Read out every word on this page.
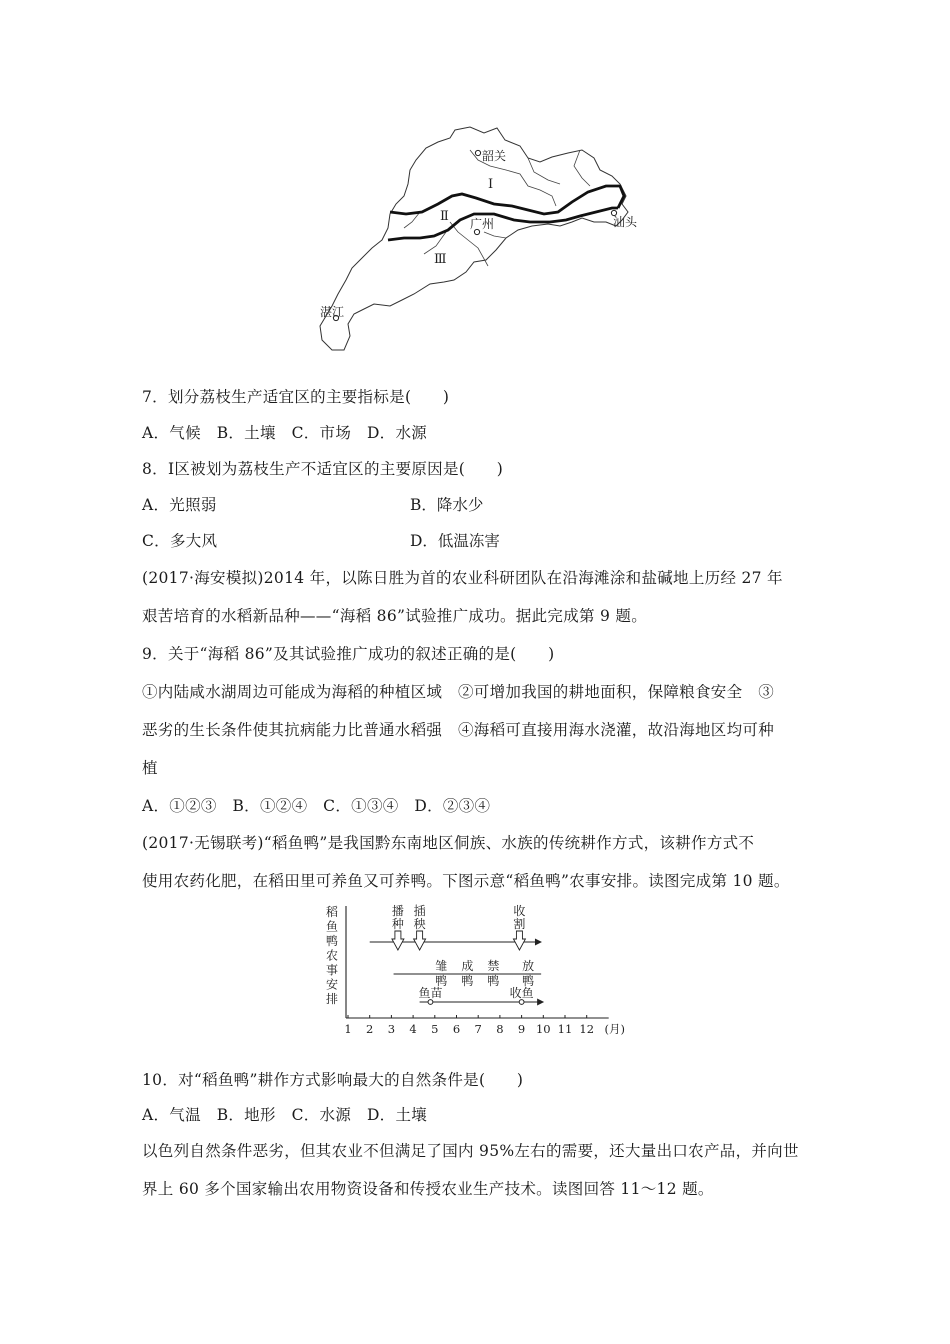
韶关
广州	汕头
湛江
Ⅰ
Ⅱ
Ⅲ
7．划分荔枝生产适宜区的主要指标是(　　)
A．气候　B．土壤　C．市场　D．水源
8．Ⅰ区被划为荔枝生产不适宜区的主要原因是(　　)
A．光照弱	B．降水少
C．多大风	D．低温冻害
(2017·海安模拟)2014 年，以陈日胜为首的农业科研团队在沿海滩涂和盐碱地上历经 27 年
艰苦培育的水稻新品种——“海稻 86”试验推广成功。据此完成第 9 题。
9．关于“海稻 86”及其试验推广成功的叙述正确的是(　　)
①内陆咸水湖周边可能成为海稻的种植区域　②可增加我国的耕地面积，保障粮食安全　③
恶劣的生长条件使其抗病能力比普通水稻强　④海稻可直接用海水浇灌，故沿海地区均可种
植
A．①②③　B．①②④　C．①③④　D．②③④
(2017·无锡联考)“稻鱼鸭”是我国黔东南地区侗族、水族的传统耕作方式，该耕作方式不
使用农药化肥，在稻田里可养鱼又可养鸭。下图示意“稻鱼鸭”农事安排。读图完成第 10 题。
稻
鱼
鸭
农
事
安
排
1 2 3 4 5 6 7 8 9 10 11 12 (月)
播
种
插
秧
收
割
雏
鸭
成
鸭
禁
鸭
放
鸭
鱼苗	收鱼
10．对“稻鱼鸭”耕作方式影响最大的自然条件是(　　)
A．气温　B．地形　C．水源　D．土壤
以色列自然条件恶劣，但其农业不但满足了国内 95%左右的需要，还大量出口农产品，并向世
界上 60 多个国家输出农用物资设备和传授农业生产技术。读图回答 11～12 题。
